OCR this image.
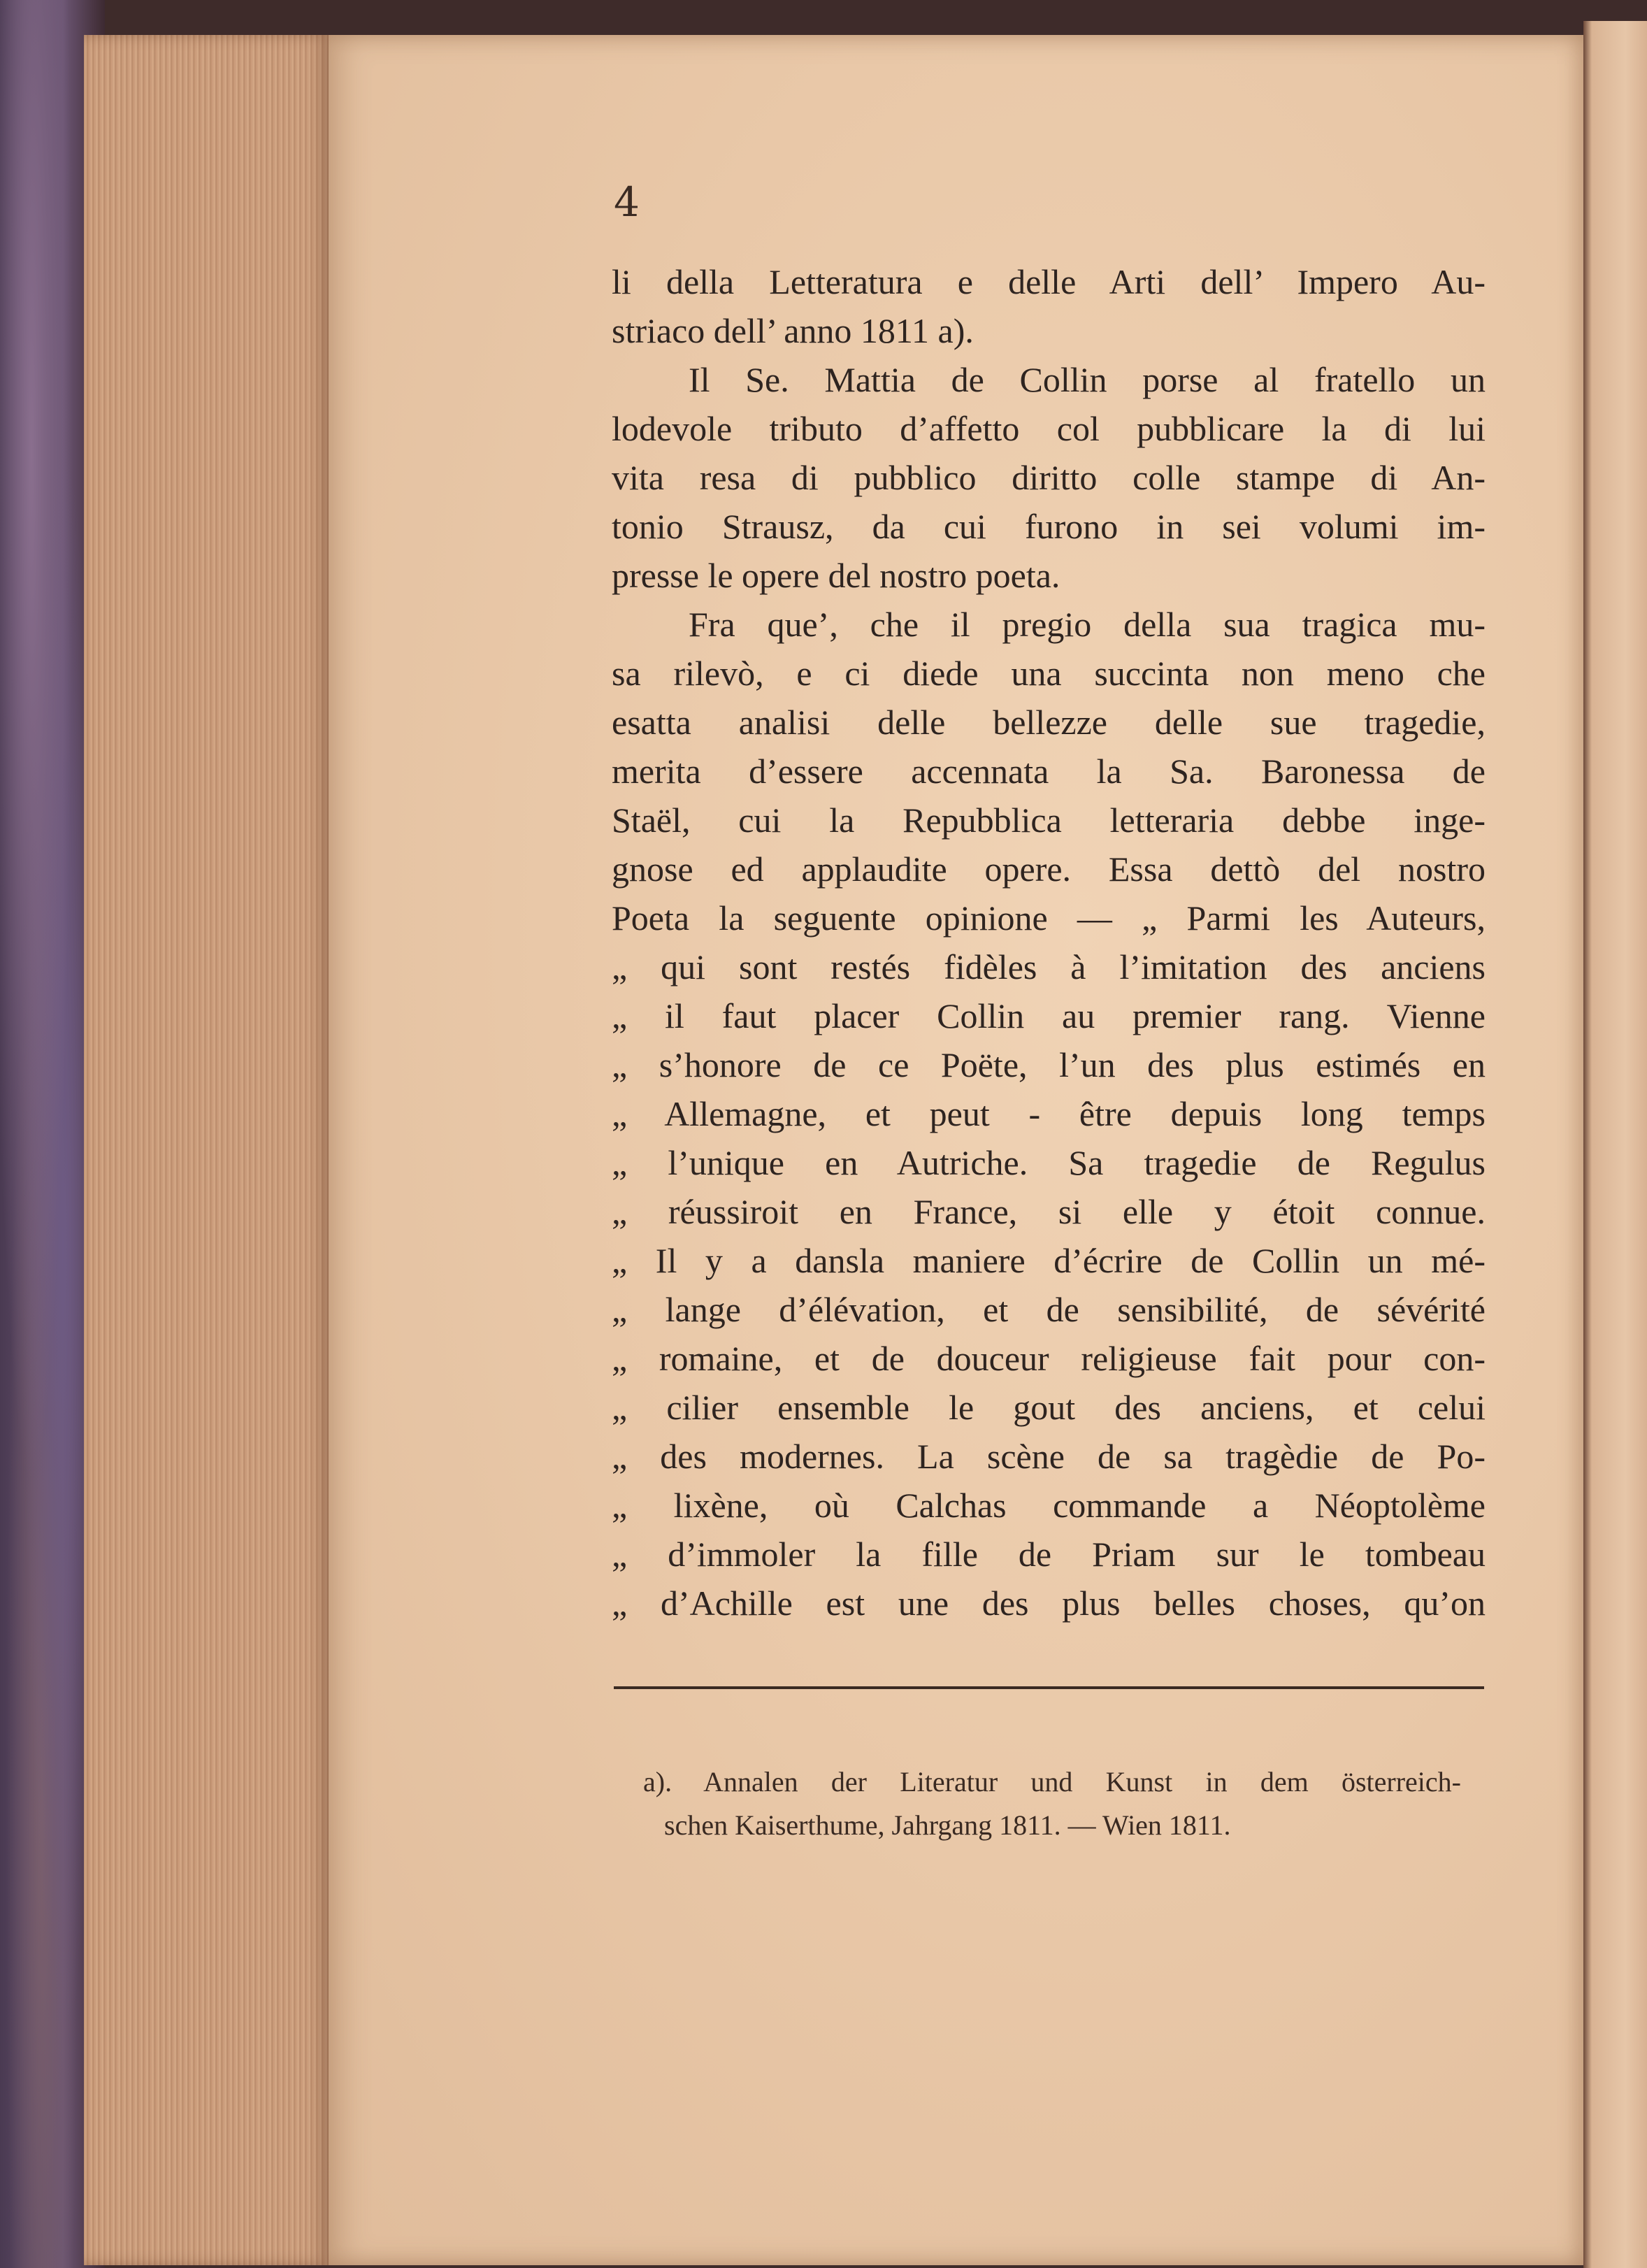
4
li della Letteratura e delle Arti dell’ Impero Au-
striaco dell’ anno 1811 a).
Il Se. Mattia de Collin porse al fratello un
lodevole tributo d’affetto col pubblicare la di lui
vita resa di pubblico diritto colle stampe di An-
tonio Strausz, da cui furono in sei volumi im-
presse le opere del nostro poeta.
Fra que’, che il pregio della sua tragica mu-
sa rilevò, e ci diede una succinta non meno che
esatta analisi delle bellezze delle sue tragedie,
merita d’essere accennata la Sa. Baronessa de
Staël, cui la Repubblica letteraria debbe inge-
gnose ed applaudite opere. Essa dettò del nostro
Poeta la seguente opinione — „ Parmi les Auteurs,
„ qui sont restés fidèles à l’imitation des anciens
„ il faut placer Collin au premier rang. Vienne
„ s’honore de ce Poëte, l’un des plus estimés en
„ Allemagne, et peut - être depuis long temps
„ l’unique en Autriche. Sa tragedie de Regulus
„ réussiroit en France, si elle y étoit connue.
„ Il y a dansla maniere d’écrire de Collin un mé-
„ lange d’élévation, et de sensibilité, de sévérité
„ romaine, et de douceur religieuse fait pour con-
„ cilier ensemble le gout des anciens, et celui
„ des modernes. La scène de sa tragèdie de Po-
„ lixène, où Calchas commande a Néoptolème
„ d’immoler la fille de Priam sur le tombeau
„ d’Achille est une des plus belles choses, qu’on
a). Annalen der Literatur und Kunst in dem österreich-
schen Kaiserthume, Jahrgang 1811. — Wien 1811.
